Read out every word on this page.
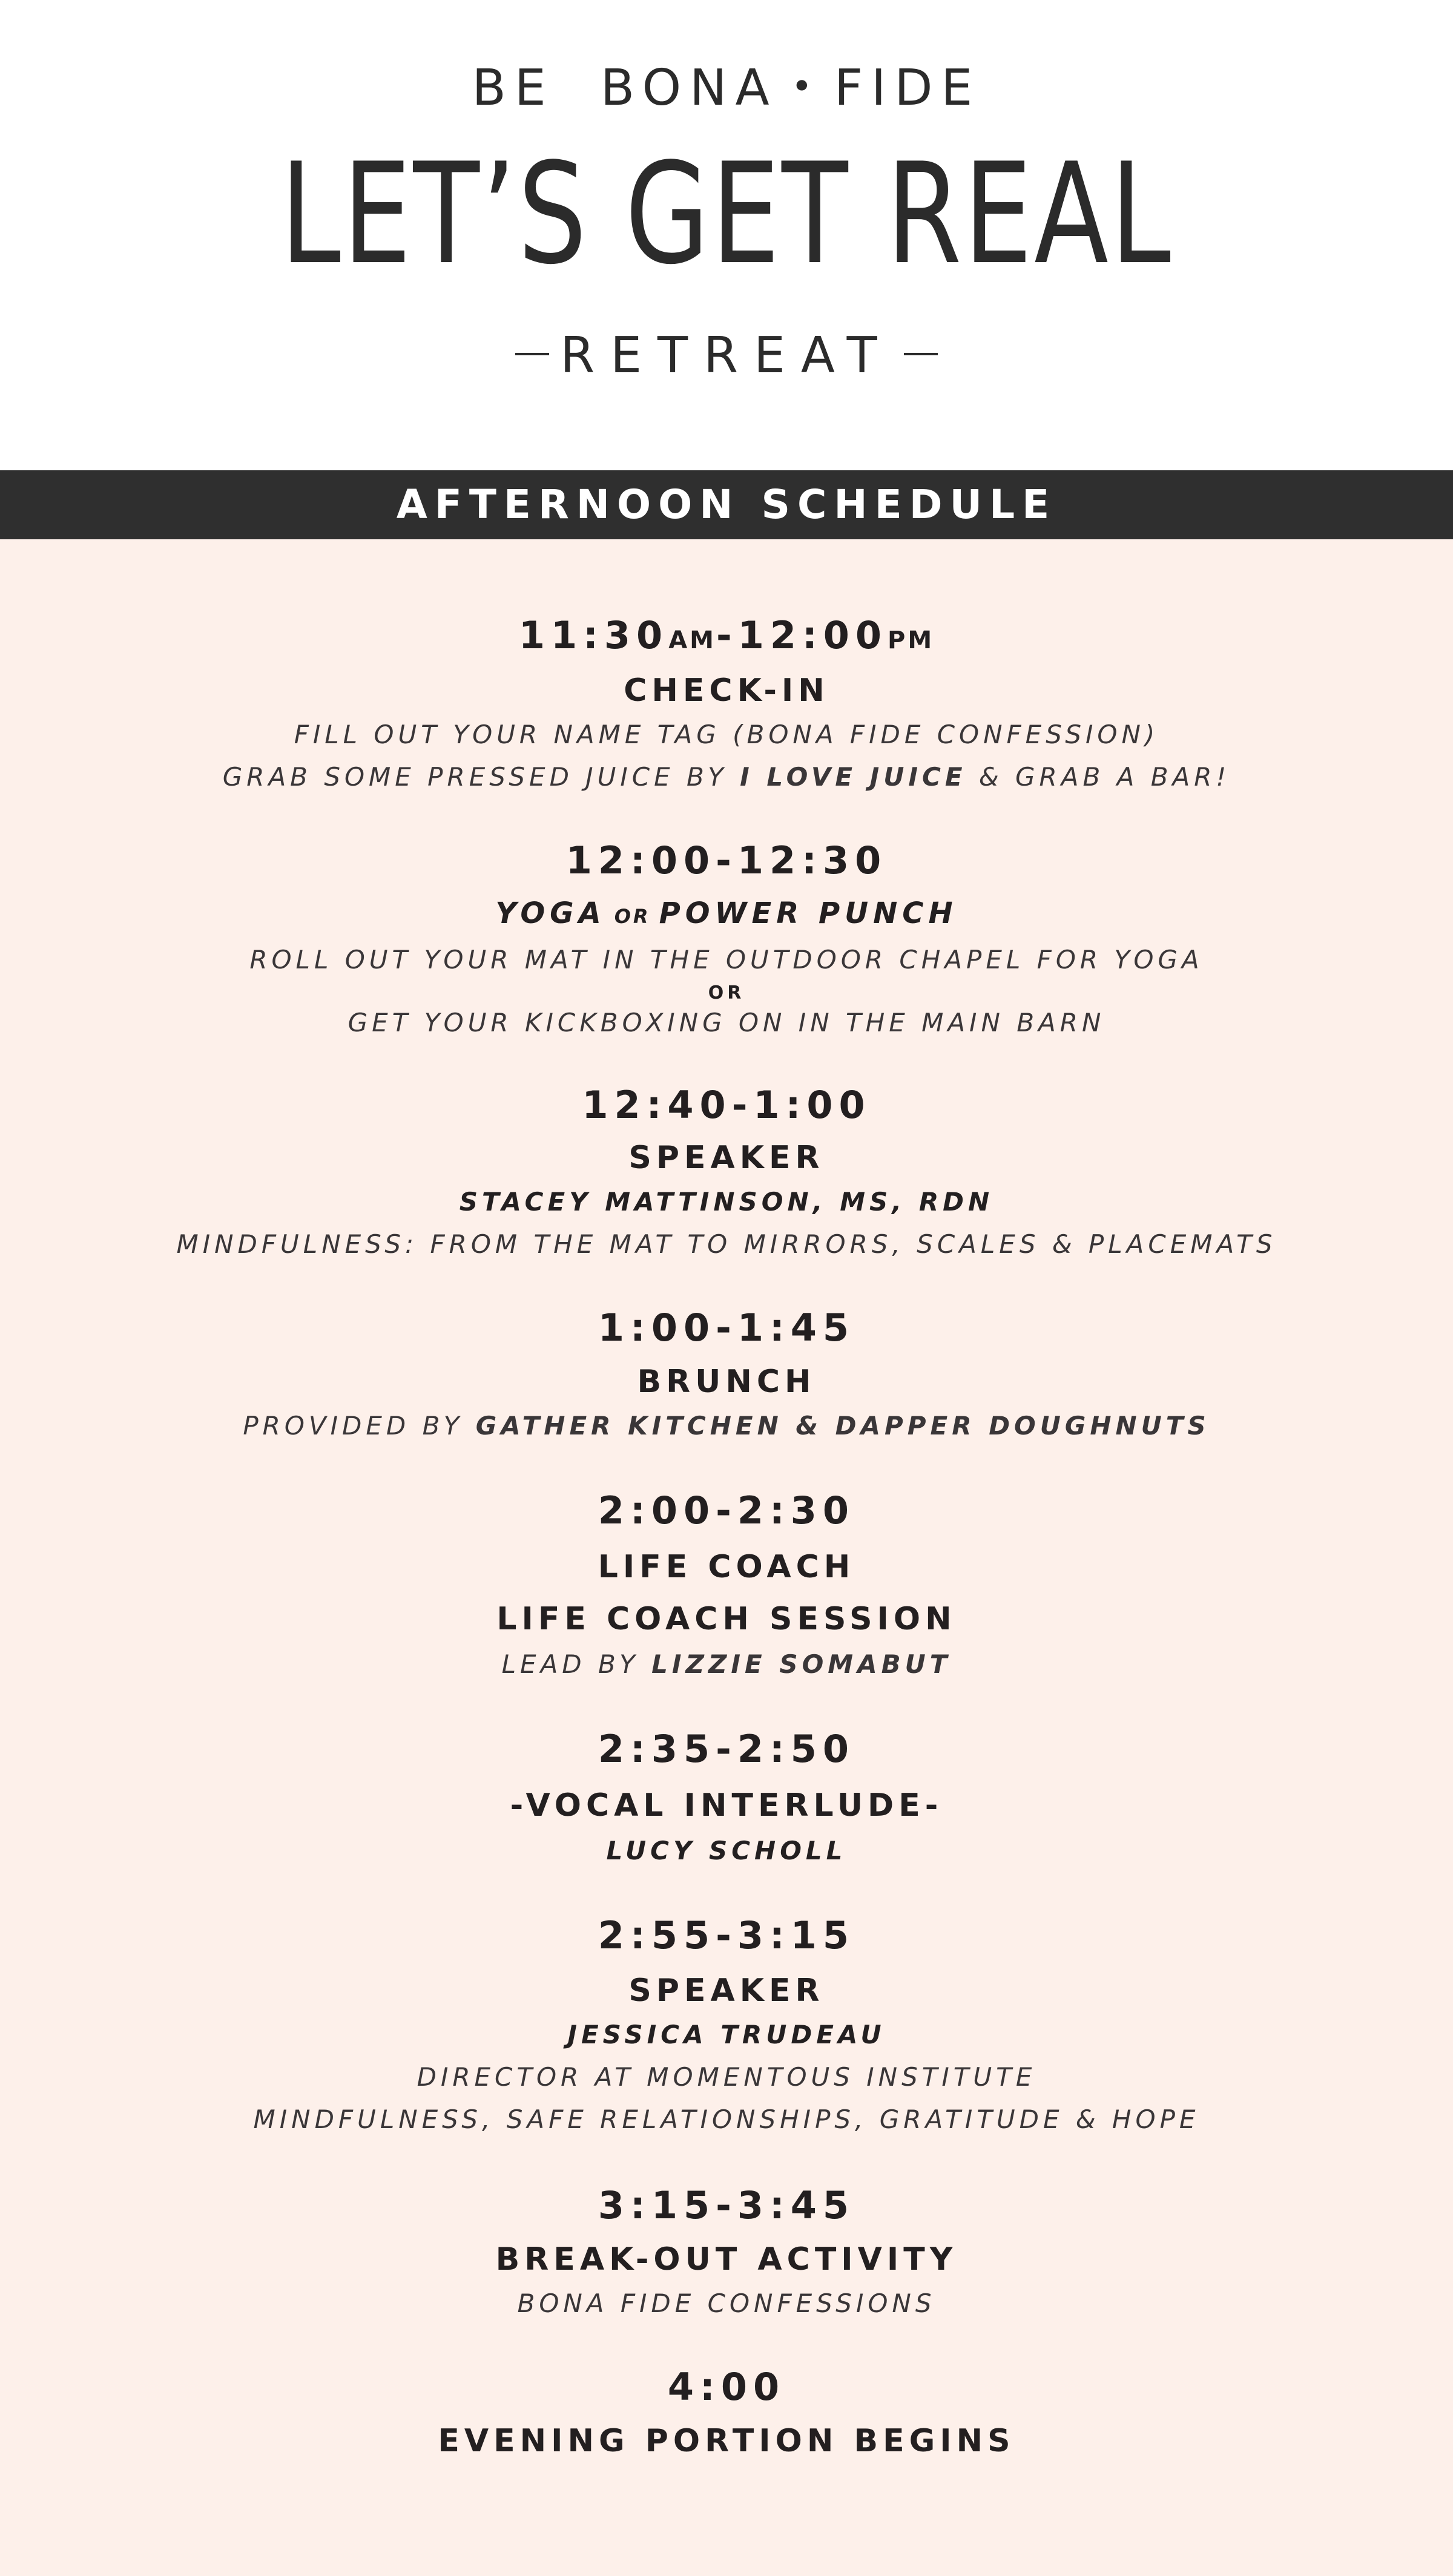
BE BONA • FIDE
LET’S GET REAL
RETREAT
AFTERNOON SCHEDULE
11:30AM-12:00PM
CHECK-IN
FILL OUT YOUR NAME TAG (BONA FIDE CONFESSION)
GRAB SOME PRESSED JUICE BY I LOVE JUICE & GRAB A BAR!
12:00-12:30
YOGA OR POWER PUNCH
ROLL OUT YOUR MAT IN THE OUTDOOR CHAPEL FOR YOGA
OR
GET YOUR KICKBOXING ON IN THE MAIN BARN
12:40-1:00
SPEAKER
STACEY MATTINSON, MS, RDN
MINDFULNESS: FROM THE MAT TO MIRRORS, SCALES & PLACEMATS
1:00-1:45
BRUNCH
PROVIDED BY GATHER KITCHEN & DAPPER DOUGHNUTS
2:00-2:30
LIFE COACH
LIFE COACH SESSION
LEAD BY LIZZIE SOMABUT
2:35-2:50
-VOCAL INTERLUDE-
LUCY SCHOLL
2:55-3:15
SPEAKER
JESSICA TRUDEAU
DIRECTOR AT MOMENTOUS INSTITUTE
MINDFULNESS, SAFE RELATIONSHIPS, GRATITUDE & HOPE
3:15-3:45
BREAK-OUT ACTIVITY
BONA FIDE CONFESSIONS
4:00
EVENING PORTION BEGINS
